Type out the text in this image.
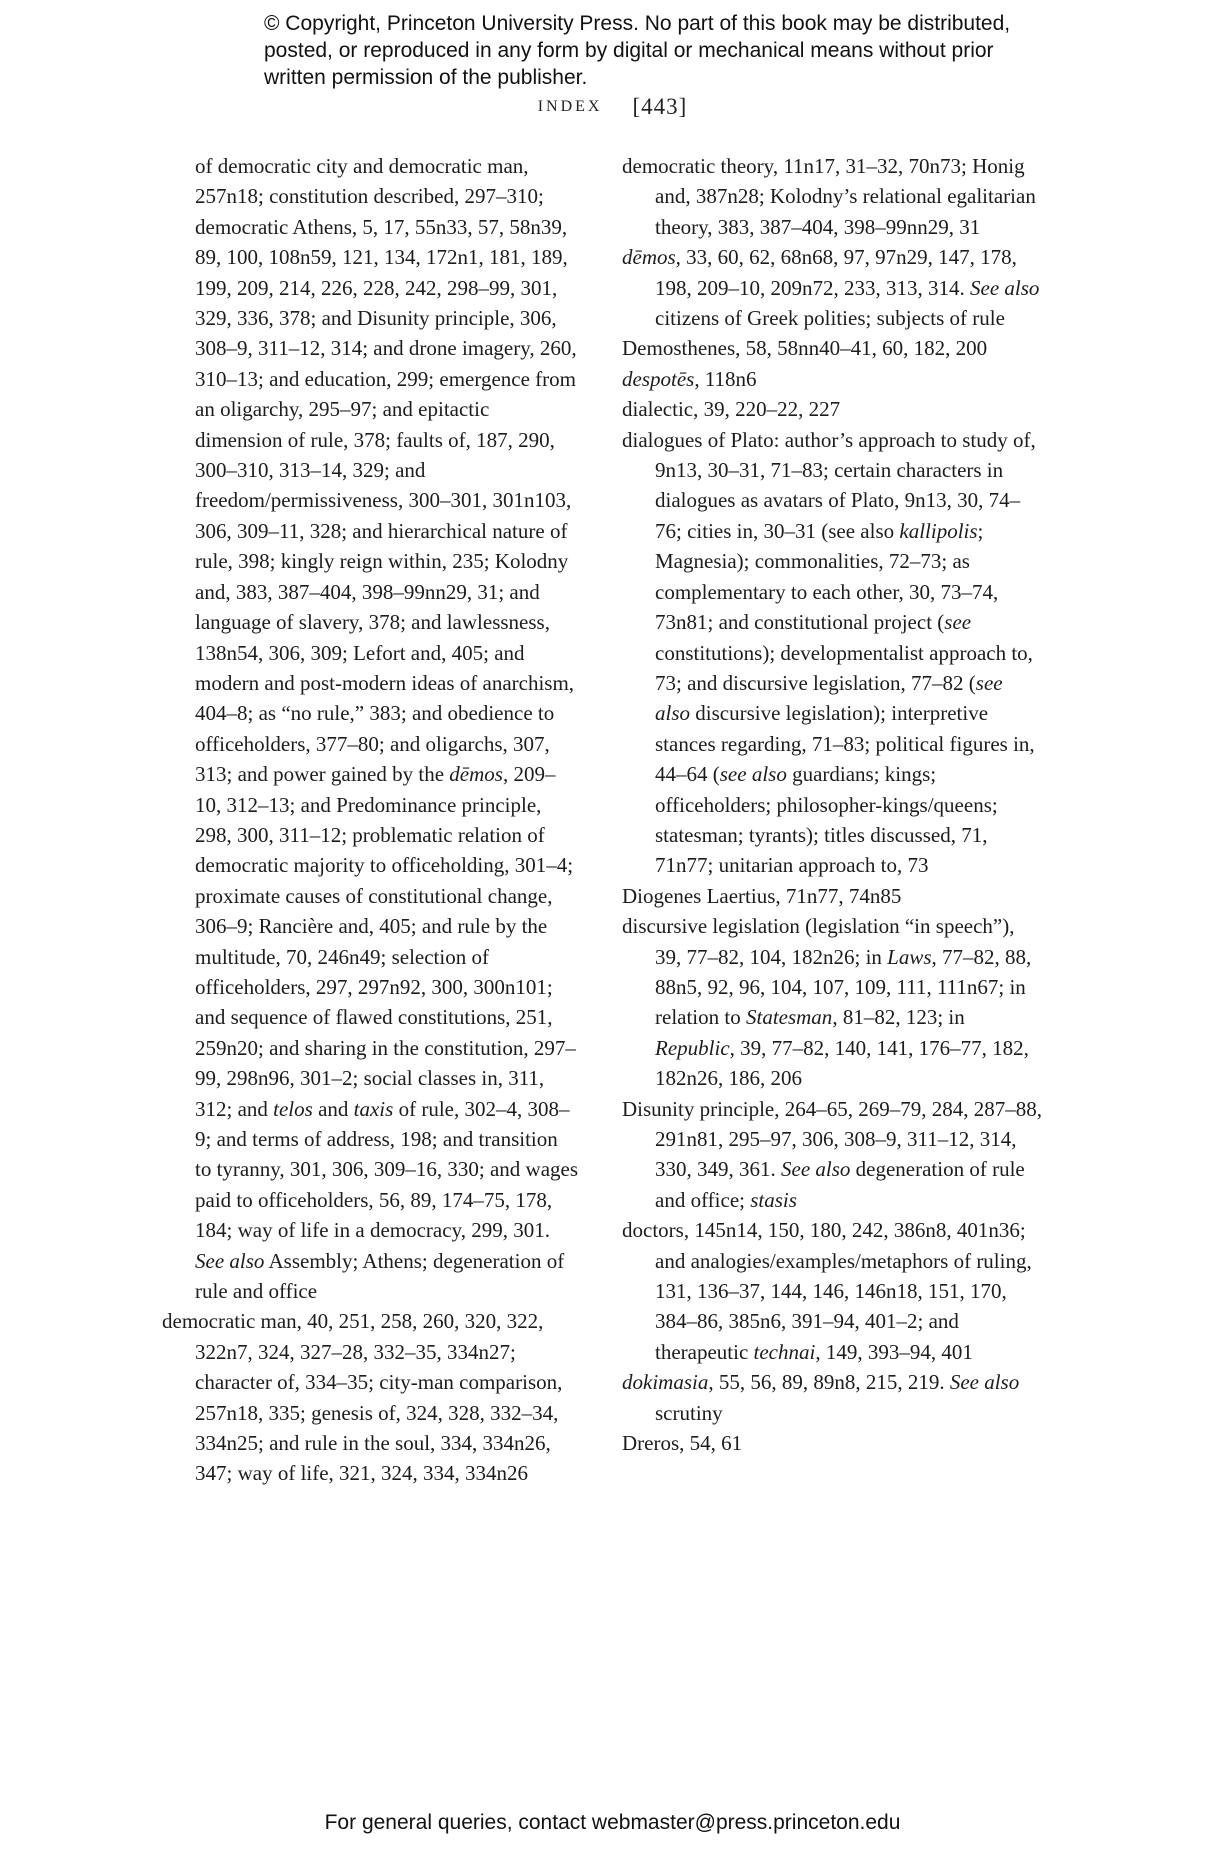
© Copyright, Princeton University Press. No part of this book may be distributed, posted, or reproduced in any form by digital or mechanical means without prior written permission of the publisher.
INDEX [443]

of democratic city and democratic man, 257n18; constitution described, 297–310; democratic Athens, 5, 17, 55n33, 57, 58n39, 89, 100, 108n59, 121, 134, 172n1, 181, 189, 199, 209, 214, 226, 228, 242, 298–99, 301, 329, 336, 378; and Disunity principle, 306, 308–9, 311–12, 314; and drone imagery, 260, 310–13; and education, 299; emergence from an oligarchy, 295–97; and epitactic dimension of rule, 378; faults of, 187, 290, 300–310, 313–14, 329; and freedom/permissiveness, 300–301, 301n103, 306, 309–11, 328; and hierarchical nature of rule, 398; kingly reign within, 235; Kolodny and, 383, 387–404, 398–99nn29, 31; and language of slavery, 378; and lawlessness, 138n54, 306, 309; Lefort and, 405; and modern and post-modern ideas of anarchism, 404–8; as “no rule,” 383; and obedience to officeholders, 377–80; and oligarchs, 307, 313; and power gained by the dēmos, 209–10, 312–13; and Predominance principle, 298, 300, 311–12; problematic relation of democratic majority to officeholding, 301–4; proximate causes of constitutional change, 306–9; Rancière and, 405; and rule by the multitude, 70, 246n49; selection of officeholders, 297, 297n92, 300, 300n101; and sequence of flawed constitutions, 251, 259n20; and sharing in the constitution, 297–99, 298n96, 301–2; social classes in, 311, 312; and telos and taxis of rule, 302–4, 308–9; and terms of address, 198; and transition to tyranny, 301, 306, 309–16, 330; and wages paid to officeholders, 56, 89, 174–75, 178, 184; way of life in a democracy, 299, 301. See also Assembly; Athens; degeneration of rule and office

democratic man, 40, 251, 258, 260, 320, 322, 322n7, 324, 327–28, 332–35, 334n27; character of, 334–35; city-man comparison, 257n18, 335; genesis of, 324, 328, 332–34, 334n25; and rule in the soul, 334, 334n26, 347; way of life, 321, 324, 334, 334n26

democratic theory, 11n17, 31–32, 70n73; Honig and, 387n28; Kolodny’s relational egalitarian theory, 383, 387–404, 398–99nn29, 31

dēmos, 33, 60, 62, 68n68, 97, 97n29, 147, 178, 198, 209–10, 209n72, 233, 313, 314. See also citizens of Greek polities; subjects of rule

Demosthenes, 58, 58nn40–41, 60, 182, 200

despotēs, 118n6

dialectic, 39, 220–22, 227

dialogues of Plato: author’s approach to study of, 9n13, 30–31, 71–83; certain characters in dialogues as avatars of Plato, 9n13, 30, 74–76; cities in, 30–31 (see also kallipolis; Magnesia); commonalities, 72–73; as complementary to each other, 30, 73–74, 73n81; and constitutional project (see constitutions); developmentalist approach to, 73; and discursive legislation, 77–82 (see also discursive legislation); interpretive stances regarding, 71–83; political figures in, 44–64 (see also guardians; kings; officeholders; philosopher-kings/queens; statesman; tyrants); titles discussed, 71, 71n77; unitarian approach to, 73

Diogenes Laertius, 71n77, 74n85

discursive legislation (legislation “in speech”), 39, 77–82, 104, 182n26; in Laws, 77–82, 88, 88n5, 92, 96, 104, 107, 109, 111, 111n67; in relation to Statesman, 81–82, 123; in Republic, 39, 77–82, 140, 141, 176–77, 182, 182n26, 186, 206

Disunity principle, 264–65, 269–79, 284, 287–88, 291n81, 295–97, 306, 308–9, 311–12, 314, 330, 349, 361. See also degeneration of rule and office; stasis

doctors, 145n14, 150, 180, 242, 386n8, 401n36; and analogies/examples/metaphors of ruling, 131, 136–37, 144, 146, 146n18, 151, 170, 384–86, 385n6, 391–94, 401–2; and therapeutic technai, 149, 393–94, 401

dokimasia, 55, 56, 89, 89n8, 215, 219. See also scrutiny

Dreros, 54, 61

For general queries, contact webmaster@press.princeton.edu
